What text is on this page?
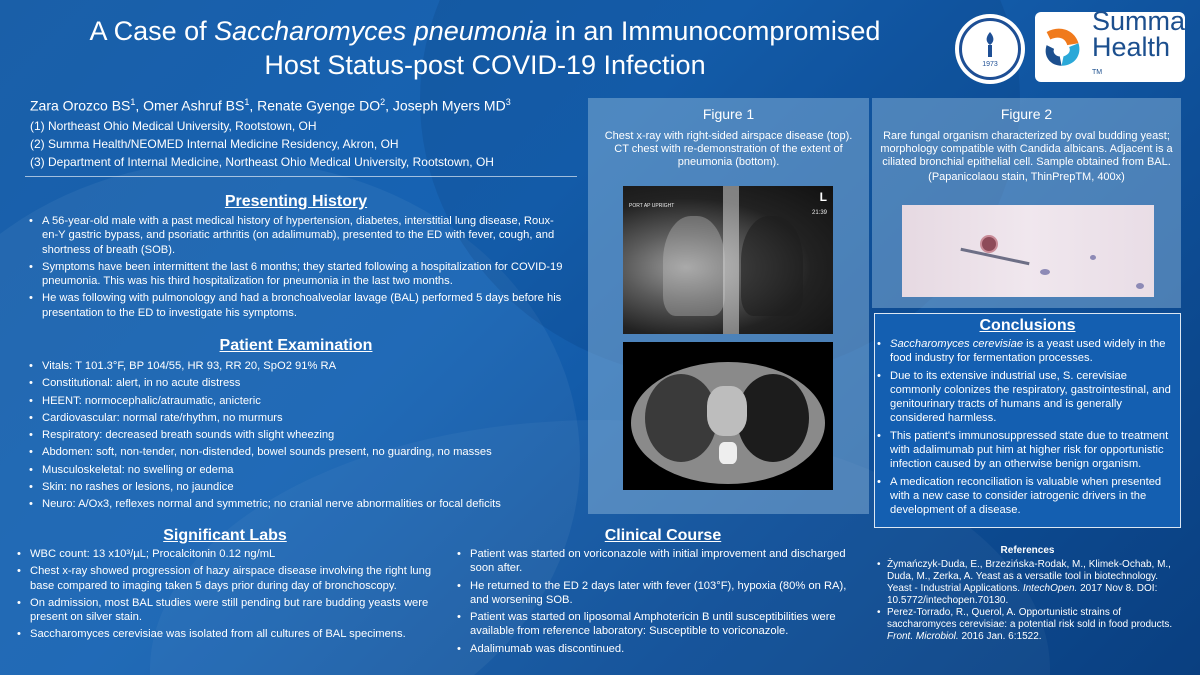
A Case of Saccharomyces pneumonia in an Immunocompromised
Host Status-post COVID-19 Infection	1973
Summa
Health
TM
Zara Orozco $BS^1$, Omer Ashruf $BS^1$, Renate Gyenge $DO^2$, Joseph Myers $MD^3$
(1) Northeast Ohio Medical University, Rootstown, OH
(2) Summa Health/NEOMED Internal Medicine Residency, Akron, OH
(3) Department of Internal Medicine, Northeast Ohio Medical University, Rootstown, OH
Presenting History
• A 56-year-old male with a past medical history of hypertension, diabetes, interstitial lung disease, Roux-en-Y gastric bypass, and psoriatic arthritis (on adalimumab), presented to the ED with fever, cough, and shortness of breath (SOB).
• Symptoms have been intermittent the last 6 months; they started following a hospitalization for COVID-19 pneumonia. This was his third hospitalization for pneumonia in the last two months.
• He was following with pulmonology and had a bronchoalveolar lavage (BAL) performed 5 days before his presentation to the ED to investigate his symptoms.
Patient Examination
• Vitals: T 101.3°F, BP 104/55, HR 93, RR 20, SpO2 91% RA
• Constitutional: alert, in no acute distress
• HEENT: normocephalic/atraumatic, anicteric
• Cardiovascular: normal rate/rhythm, no murmurs
• Respiratory: decreased breath sounds with slight wheezing
• Abdomen: soft, non-tender, non-distended, bowel sounds present, no guarding, no masses
• Musculoskeletal: no swelling or edema
• Skin: no rashes or lesions, no jaundice
• Neuro: A/Ox3, reflexes normal and symmetric; no cranial nerve abnormalities or focal deficits
Significant Labs
• WBC count: 13 x10³/µL; Procalcitonin 0.12 ng/mL
• Chest x-ray showed progression of hazy airspace disease involving the right lung base compared to imaging taken 5 days prior during day of bronchoscopy.
• On admission, most BAL studies were still pending but rare budding yeasts were present on silver stain.
• Saccharomyces cerevisiae was isolated from all cultures of BAL specimens.
Clinical Course
• Patient was started on voriconazole with initial improvement and discharged soon after.
• He returned to the ED 2 days later with fever (103°F), hypoxia (80% on RA), and worsening SOB.
• Patient was started on liposomal Amphotericin B until susceptibilities were available from reference laboratory: Susceptible to voriconazole.
• Adalimumab was discontinued.
Figure 1
Chest x-ray with right-sided airspace disease (top). CT chest with re-demonstration of the extent of pneumonia (bottom).
PORT AP UPRIGHT
L
21:39
Figure 2
Rare fungal organism characterized by oval budding yeast; morphology compatible with Candida albicans. Adjacent is a ciliated bronchial epithelial cell. Sample obtained from BAL.
(Papanicolaou stain, ThinPrepTM, 400x)
Conclusions
• Saccharomyces cerevisiae is a yeast used widely in the food industry for fermentation processes.
• Due to its extensive industrial use, S. cerevisiae commonly colonizes the respiratory, gastrointestinal, and genitourinary tracts of humans and is generally considered harmless.
• This patient's immunosuppressed state due to treatment with adalimumab put him at higher risk for opportunistic infection caused by an otherwise benign organism.
• A medication reconciliation is valuable when presented with a new case to consider iatrogenic drivers in the development of a disease.
References
• Żymańczyk-Duda, E., Brzezińska-Rodak, M., Klimek-Ochab, M., Duda, M., Zerka, A. Yeast as a versatile tool in biotechnology. Yeast - Industrial Applications. IntechOpen. 2017 Nov 8. DOI: 10.5772/intechopen.70130.
• Perez-Torrado, R., Querol, A. Opportunistic strains of saccharomyces cerevisiae: a potential risk sold in food products. Front. Microbiol. 2016 Jan. 6:1522.
